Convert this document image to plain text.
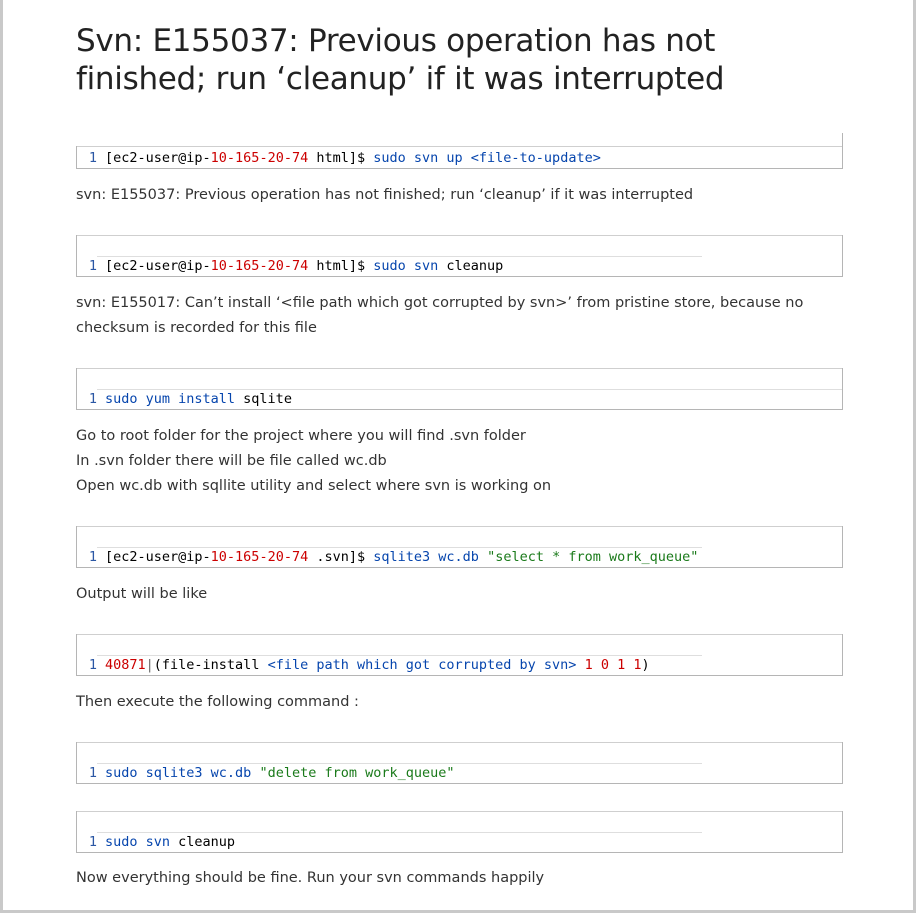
Svn: E155037: Previous operation has not finished; run ‘cleanup’ if it was interrupted
1 [ec2-user@ip-10-165-20-74 html]$ sudo svn up <file-to-update>

svn: E155037: Previous operation has not finished; run ‘cleanup’ if it was interrupted

1 [ec2-user@ip-10-165-20-74 html]$ sudo svn cleanup

svn: E155017: Can’t install ‘<file path which got corrupted by svn>’ from pristine store, because no checksum is recorded for this file

1 sudo yum install sqlite

Go to root folder for the project where you will find .svn folder

In .svn folder there will be file called wc.db

Open wc.db with sqllite utility and select where svn is working on

1 [ec2-user@ip-10-165-20-74 .svn]$ sqlite3 wc.db "select * from work_queue"

Output will be like

1 40871|(file-install <file path which got corrupted by svn> 1 0 1 1)

Then execute the following command :

1 sudo sqlite3 wc.db "delete from work_queue"
1 sudo svn cleanup

Now everything should be fine. Run your svn commands happily
